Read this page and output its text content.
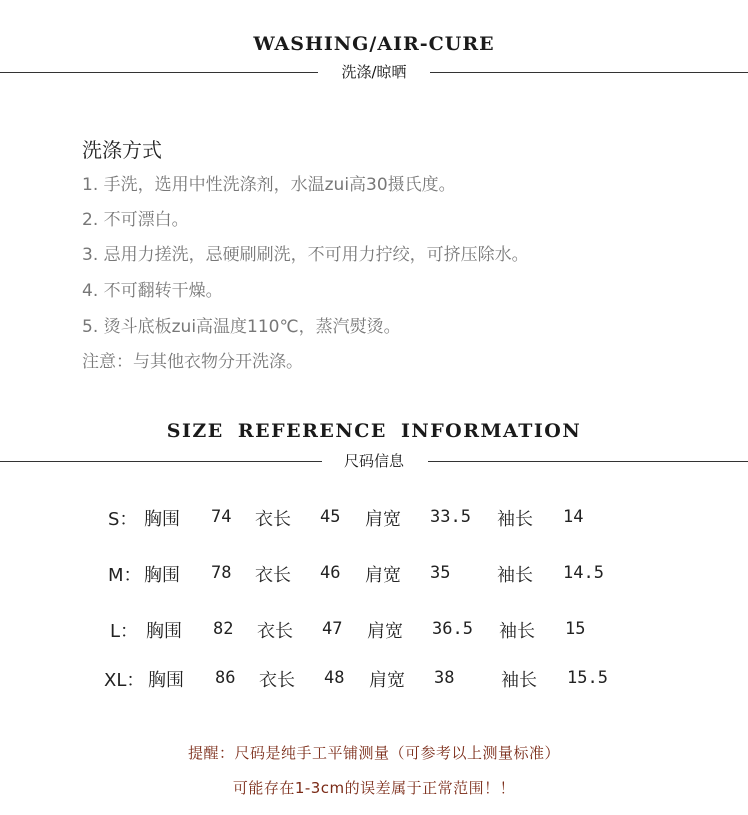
WASHING/AIR-CURE
洗涤/晾晒
洗涤方式
1. 手洗，选用中性洗涤剂，水温zui高30摄氏度。
2. 不可漂白。
3. 忌用力搓洗，忌硬刷刷洗，不可用力拧绞，可挤压除水。
4. 不可翻转干燥。
5. 烫斗底板zui高温度110℃，蒸汽熨烫。
注意：与其他衣物分开洗涤。
SIZE REFERENCE INFORMATION
尺码信息
S： 胸围 74 衣长 45 肩宽 33.5 袖长 14
M： 胸围 78 衣长 46 肩宽 35	袖长 14.5
L： 胸围 82 衣长 47 肩宽 36.5 袖长 15
XL： 胸围 86 衣长 48 肩宽 38	袖长 15.5
提醒：尺码是纯手工平铺测量（可参考以上测量标准）
可能存在1-3cm的误差属于正常范围！！
